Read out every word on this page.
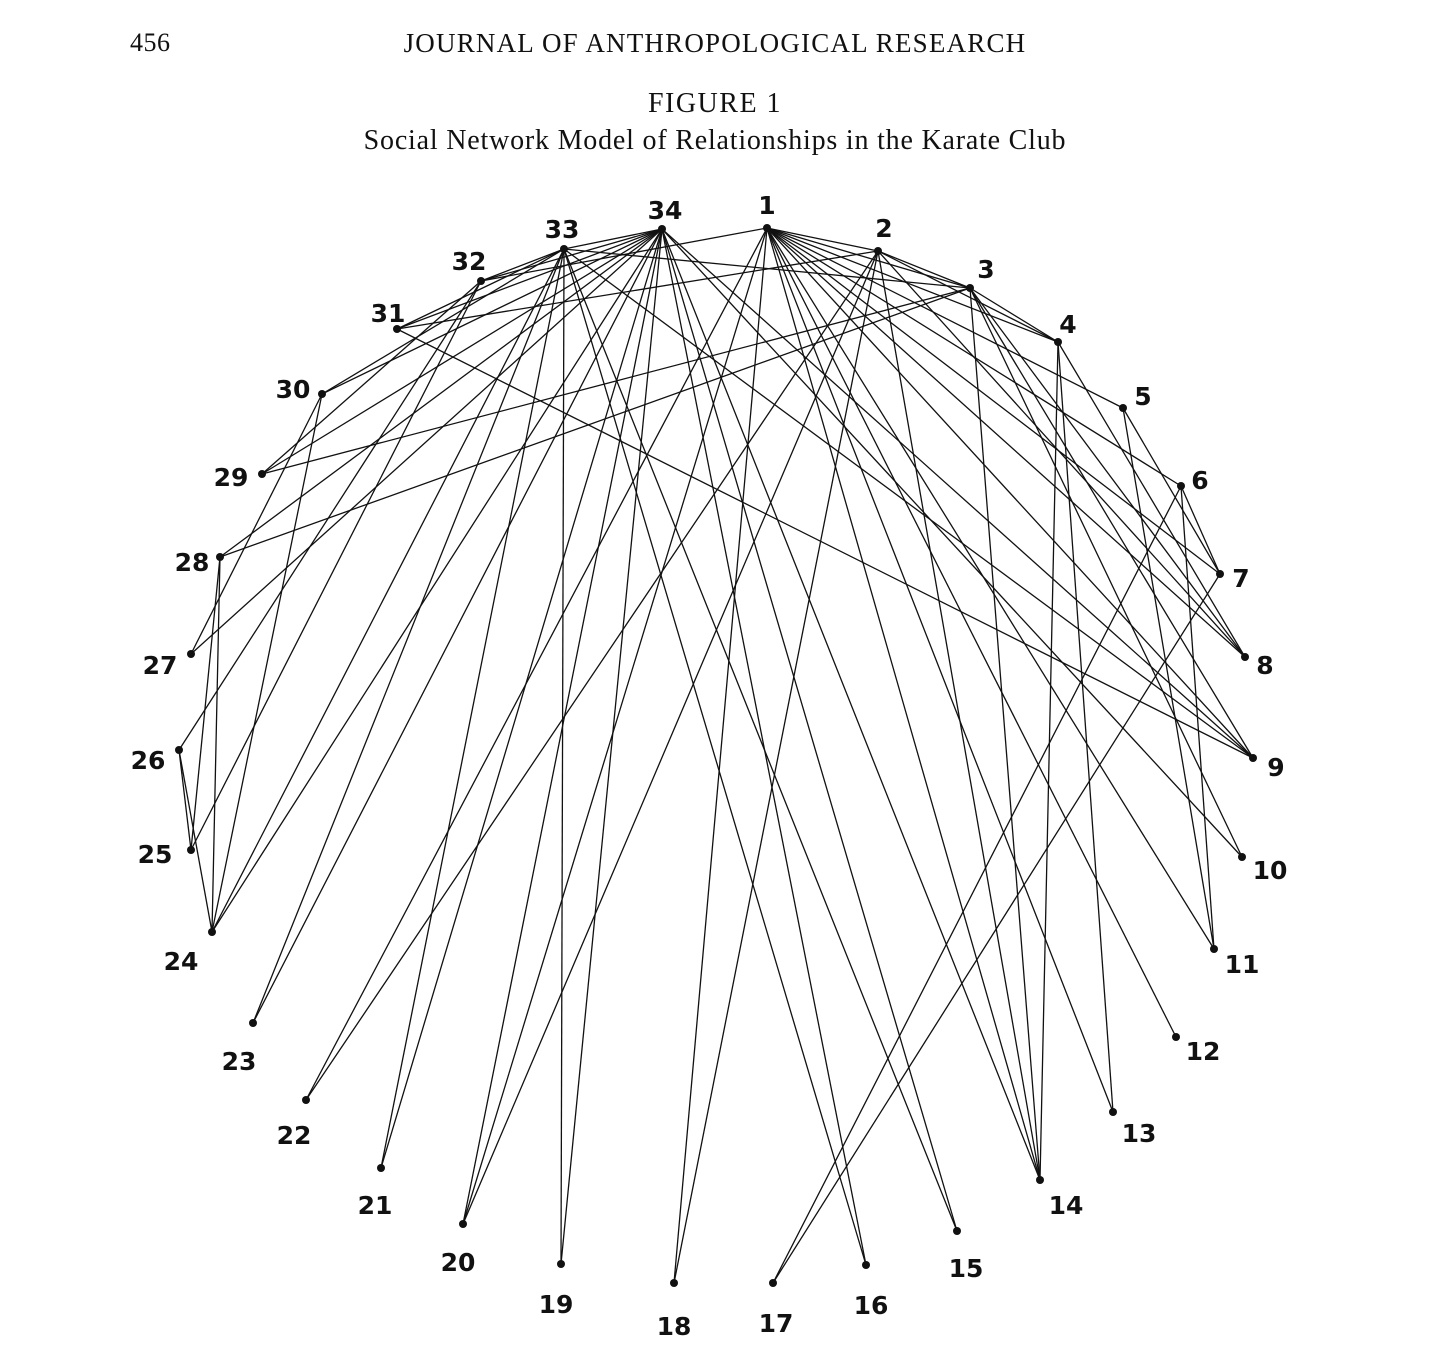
456	JOURNAL OF ANTHROPOLOGICAL RESEARCH
FIGURE 1
Social Network Model of Relationships in the Karate Club
1
2
3
4
5
6
7
8
9
10
11
12
13
14
15
16
17
18
19
20
21
22
23
24
25
26
27
28
29
30
31
32
33
34
